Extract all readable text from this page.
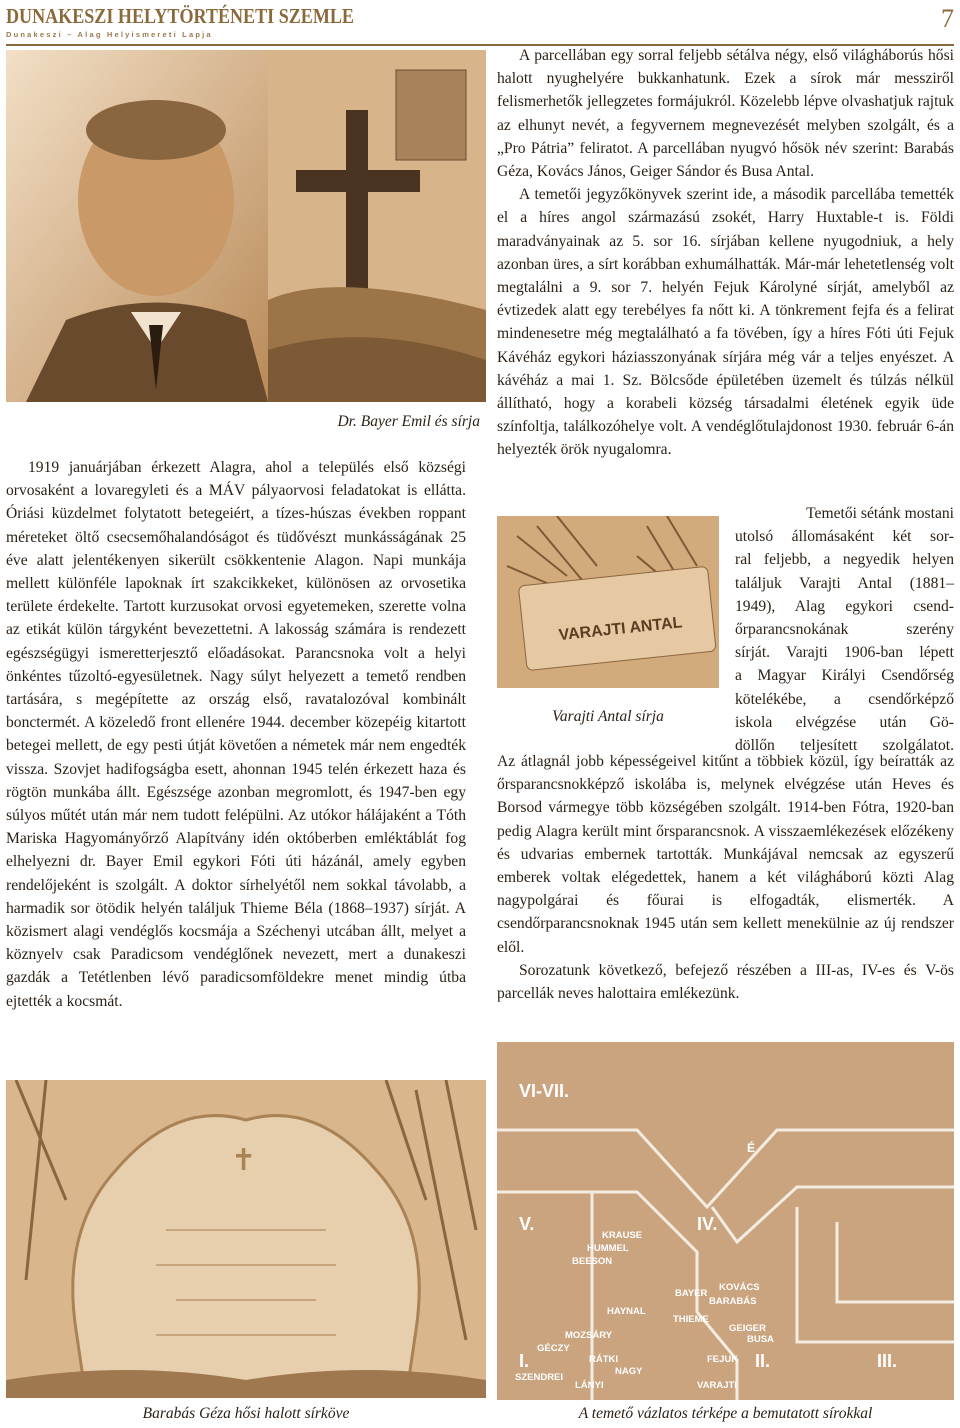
DUNAKESZI HELYTÖRTÉNETI SZEMLE
Dunakeszi – Alag Helyismereti Lapja
7
Dr. Bayer Emil és sírja

1919 januárjában érkezett Alagra, ahol a település első községi orvosaként a lovaregyleti és a MÁV pályaorvosi feladatokat is ellátta. Óriási küzdelmet folytatott betegeiért, a tízes-húszas években roppant méreteket öltő csecsemőhalandóságot és tüdővészt munkásságának 25 éve alatt jelentékenyen sikerült csökkentenie Alagon. Napi munkája mellett különféle lapoknak írt szakcikkeket, különösen az orvosetika területe érdekelte. Tartott kurzusokat orvosi egyetemeken, szerette volna az etikát külön tárgyként bevezettetni. A lakosság számára is rendezett egészségügyi ismeretterjesztő előadásokat. Parancsnoka volt a helyi önkéntes tűzoltó-egyesületnek. Nagy súlyt helyezett a temető rendben tartására, s megépítette az ország első, ravatalozóval kombinált bonctermét. A közeledő front ellenére 1944. december közepéig kitartott betegei mellett, de egy pesti útját követően a németek már nem engedték vissza. Szovjet hadifogságba esett, ahonnan 1945 telén érkezett haza és rögtön munkába állt. Egészsége azonban megromlott, és 1947-ben egy súlyos műtét után már nem tudott felépülni. Az utókor hálájaként a Tóth Mariska Hagyományőrző Alapítvány idén októberben emléktáblát fog elhelyezni dr. Bayer Emil egykori Fóti úti házánál, amely egyben rendelőjeként is szolgált. A doktor sírhelyétől nem sokkal távolabb, a harmadik sor ötödik helyén találjuk Thieme Béla (1868–1937) sírját. A közismert alagi vendéglős kocsmája a Széchenyi utcában állt, melyet a köznyelv csak Paradicsom vendéglőnek nevezett, mert a dunakeszi gazdák a Tetétlenben lévő paradicsomföldekre menet mindig útba ejtették a kocsmát.

A parcellában egy sorral feljebb sétálva négy, első világháborús hősi halott nyughelyére bukkanhatunk. Ezek a sírok már messziről felismerhetők jellegzetes formájukról. Közelebb lépve olvashatjuk rajtuk az elhunyt nevét, a fegyvernem megnevezését melyben szolgált, és a „Pro Pátria” feliratot. A parcellában nyugvó hősök név szerint: Barabás Géza, Kovács János, Geiger Sándor és Busa Antal.

A temetői jegyzőkönyvek szerint ide, a második parcellába temették el a híres angol származású zsokét, Harry Huxtable-t is. Földi maradványainak az 5. sor 16. sírjában kellene nyugodniuk, a hely azonban üres, a sírt korábban exhumálhatták. Már-már lehetetlenség volt megtalálni a 9. sor 7. helyén Fejuk Károlyné sírját, amelyből az évtizedek alatt egy terebélyes fa nőtt ki. A tönkrement fejfa és a felirat mindenesetre még megtalálható a fa tövében, így a híres Fóti úti Fejuk Kávéház egykori háziasszonyának sírjára még vár a teljes enyészet. A kávéház a mai 1. Sz. Bölcsőde épületében üzemelt és túlzás nélkül állítható, hogy a korabeli község társadalmi életének egyik üde színfoltja, találkozóhelye volt. A vendéglőtulajdonost 1930. február 6-án helyezték örök nyugalomra.

VARAJTI ANTAL
Varajti Antal sírja
Temetői sétánk mostani
utolsó állomásaként két sor-
ral feljebb, a negyedik helyen
találjuk Varajti Antal (1881–
1949), Alag egykori csend-
őrparancsnokának szerény
sírját. Varajti 1906-ban lépett
a Magyar Királyi Csendőrség
kötelékébe, a csendőrképző
iskola elvégzése után Gö-
döllőn teljesített szolgálatot.

Az átlagnál jobb képességeivel kitűnt a többiek közül, így beíratták az őrsparancsnokképző iskolába is, melynek elvégzése után Heves és Borsod vármegye több községében szolgált. 1914-ben Fótra, 1920-ban pedig Alagra került mint őrsparancsnok. A visszaemlékezések előzékeny és udvarias embernek tartották. Munkájával nemcsak az egyszerű emberek voltak elégedettek, hanem a két világháború közti Alag nagypolgárai és főurai is elfogadták, elismerték. A csendőrparancsnoknak 1945 után sem kellett menekülnie az új rendszer elől.

Sorozatunk következő, befejező részében a III-as, IV-es és V-ös parcellák neves halottaira emlékezünk.

✝
Barabás Géza hősi halott sírköve
VI-VII.
V.	IV.
I.	II.	III.
É
KRAUSE
HUMMEL
BEESON
HAYNAL
MOZSÁRY
GÉCZY
RÁTKI
NAGY
SZENDREI
LÁNYI
BAYER
KOVÁCS
BARABÁS
THIEME
GEIGER
BUSA
FEJUK
VARAJTI
A temető vázlatos térképe a bemutatott sírokkal
